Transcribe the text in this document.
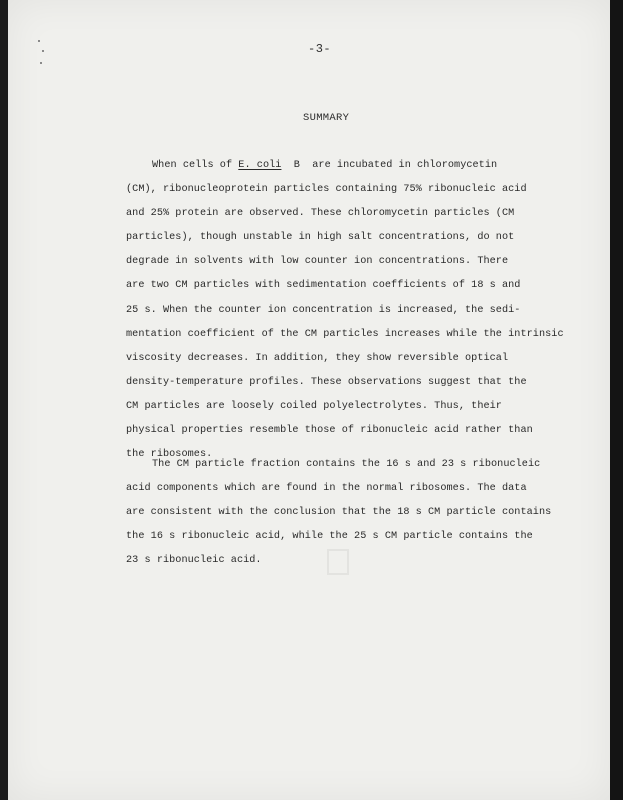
-3-
SUMMARY

When cells of E. coli  B  are incubated in chloromycetin
(CM), ribonucleoprotein particles containing 75% ribonucleic acid
and 25% protein are observed. These chloromycetin particles (CM
particles), though unstable in high salt concentrations, do not
degrade in solvents with low counter ion concentrations. There
are two CM particles with sedimentation coefficients of 18 s and
25 s. When the counter ion concentration is increased, the sedi-
mentation coefficient of the CM particles increases while the intrinsic
viscosity decreases. In addition, they show reversible optical
density-temperature profiles. These observations suggest that the
CM particles are loosely coiled polyelectrolytes. Thus, their
physical properties resemble those of ribonucleic acid rather than
the ribosomes.
The CM particle fraction contains the 16 s and 23 s ribonucleic
acid components which are found in the normal ribosomes. The data
are consistent with the conclusion that the 18 s CM particle contains
the 16 s ribonucleic acid, while the 25 s CM particle contains the
23 s ribonucleic acid.
